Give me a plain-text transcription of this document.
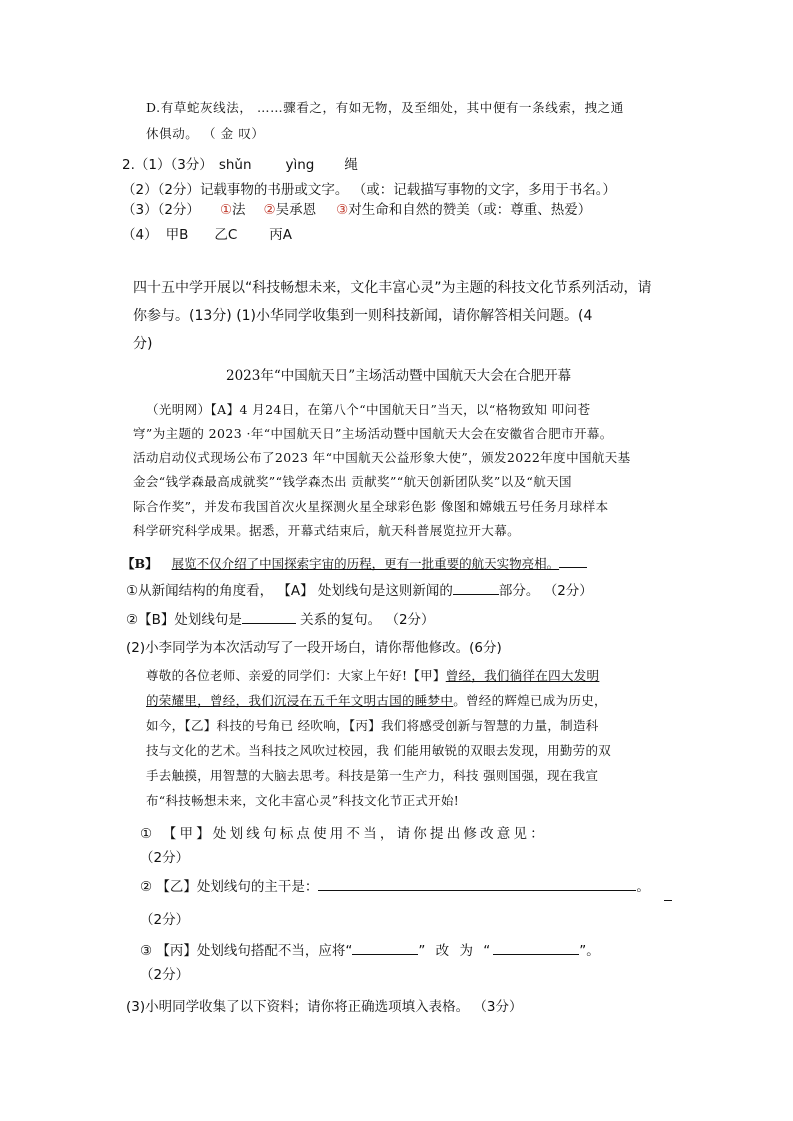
D.有草蛇灰线法， ……骤看之，有如无物，及至细处，其中便有一条线索，拽之通
休俱动。 （ 金 叹）
2.（1）（3分） shǔn	yìng 绳
（2）（2分）记载事物的书册或文字。 （或：记载描写事物的文字，多用于书名。）
（3）（2分） ①法 ②吴承恩 ③对生命和自然的赞美（或：尊重、热爱）
（4） 甲B 乙C 丙A
四十五中学开展以“科技畅想未来，文化丰富心灵”为主题的科技文化节系列活动，请
你参与。(13分) (1)小华同学收集到一则科技新闻，请你解答相关问题。(4
分)
2023年“中国航天日”主场活动暨中国航天大会在合肥开幕
（光明网）【A】4 月24日，在第八个“中国航天日”当天，以“格物致知 叩问苍
穹”为主题的 2023 ·年“中国航天日”主场活动暨中国航天大会在安徽省合肥市开幕。
活动启动仪式现场公布了2023 年“中国航天公益形象大使”，颁发2022年度中国航天基
金会“钱学森最高成就奖”“钱学森杰出 贡献奖”“航天创新团队奖”以及“航天国
际合作奖”，并发布我国首次火星探测火星全球彩色影 像图和嫦娥五号任务月球样本
科学研究科学成果。据悉，开幕式结束后，航天科普展览拉开大幕。
【B】 展览不仅介绍了中国探索宇宙的历程，更有一批重要的航天实物亮相。
①从新闻结构的角度看， 【A】 处划线句是这则新闻的	部分。 （2分）
②【B】处划线句是	关系的复句。 （2分）
(2)小李同学为本次活动写了一段开场白，请你帮他修改。(6分)
尊敬的各位老师、亲爱的同学们：大家上午好!【甲】曾经，我们徜徉在四大发明
的荣耀里，曾经，我们沉浸在五千年文明古国的睡梦中。曾经的辉煌已成为历史，
如今，【乙】科技的号角已 经吹响，【丙】我们将感受创新与智慧的力量，制造科
技与文化的艺术。当科技之风吹过校园，我 们能用敏锐的双眼去发现，用勤劳的双
手去触摸，用智慧的大脑去思考。科技是第一生产力，科技 强则国强，现在我宣
布“科技畅想未来，文化丰富心灵”科技文化节正式开始!
① 【甲】处划线句标点使用不当，请你提出修改意见：
（2分）
② 【乙】处划线句的主干是：	。
（2分）
③ 【丙】处划线句搭配不当，应将“	” 改 为 “	”。
（2分）
(3)小明同学收集了以下资料；请你将正确选项填入表格。 （3分）
